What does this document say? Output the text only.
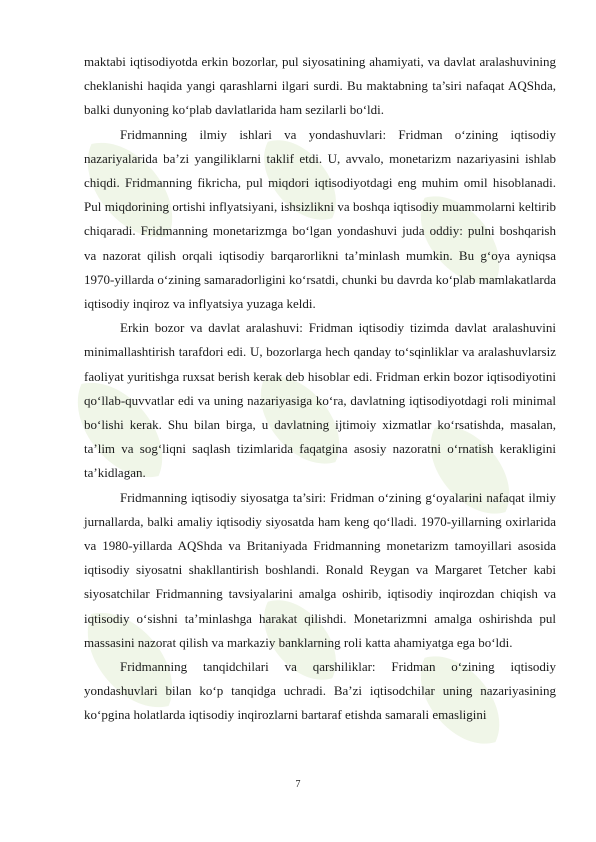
maktabi iqtisodiyotda erkin bozorlar, pul siyosatining ahamiyati, va davlat aralashuvining cheklanishi haqida yangi qarashlarni ilgari surdi. Bu maktabning ta’siri nafaqat AQShda, balki dunyoning ko‘plab davlatlarida ham sezilarli bo‘ldi.

Fridmanning ilmiy ishlari va yondashuvlari: Fridman o‘zining iqtisodiy nazariyalarida ba’zi yangiliklarni taklif etdi. U, avvalo, monetarizm nazariyasini ishlab chiqdi. Fridmanning fikricha, pul miqdori iqtisodiyotdagi eng muhim omil hisoblanadi. Pul miqdorining ortishi inflyatsiyani, ishsizlikni va boshqa iqtisodiy muammolarni keltirib chiqaradi. Fridmanning monetarizmga bo‘lgan yondashuvi juda oddiy: pulni boshqarish va nazorat qilish orqali iqtisodiy barqarorlikni ta’minlash mumkin. Bu g‘oya ayniqsa 1970-yillarda o‘zining samaradorligini ko‘rsatdi, chunki bu davrda ko‘plab mamlakatlarda iqtisodiy inqiroz va inflyatsiya yuzaga keldi.

Erkin bozor va davlat aralashuvi: Fridman iqtisodiy tizimda davlat aralashuvini minimallashtirish tarafdori edi. U, bozorlarga hech qanday to‘sqinliklar va aralashuvlarsiz faoliyat yuritishga ruxsat berish kerak deb hisoblar edi. Fridman erkin bozor iqtisodiyotini qo‘llab-quvvatlar edi va uning nazariyasiga ko‘ra, davlatning iqtisodiyotdagi roli minimal bo‘lishi kerak. Shu bilan birga, u davlatning ijtimoiy xizmatlar ko‘rsatishda, masalan, ta’lim va sog‘liqni saqlash tizimlarida faqatgina asosiy nazoratni o‘rnatish kerakligini ta’kidlagan.

Fridmanning iqtisodiy siyosatga ta’siri: Fridman o‘zining g‘oyalarini nafaqat ilmiy jurnallarda, balki amaliy iqtisodiy siyosatda ham keng qo‘lladi. 1970-yillarning oxirlarida va 1980-yillarda AQShda va Britaniyada Fridmanning monetarizm tamoyillari asosida iqtisodiy siyosatni shakllantirish boshlandi. Ronald Reygan va Margaret Tetcher kabi siyosatchilar Fridmanning tavsiyalarini amalga oshirib, iqtisodiy inqirozdan chiqish va iqtisodiy o‘sishni ta’minlashga harakat qilishdi. Monetarizmni amalga oshirishda pul massasini nazorat qilish va markaziy banklarning roli katta ahamiyatga ega bo‘ldi.

Fridmanning tanqidchilari va qarshiliklar: Fridman o‘zining iqtisodiy yondashuvlari bilan ko‘p tanqidga uchradi. Ba’zi iqtisodchilar uning nazariyasining ko‘pgina holatlarda iqtisodiy inqirozlarni bartaraf etishda samarali emasligini

7
